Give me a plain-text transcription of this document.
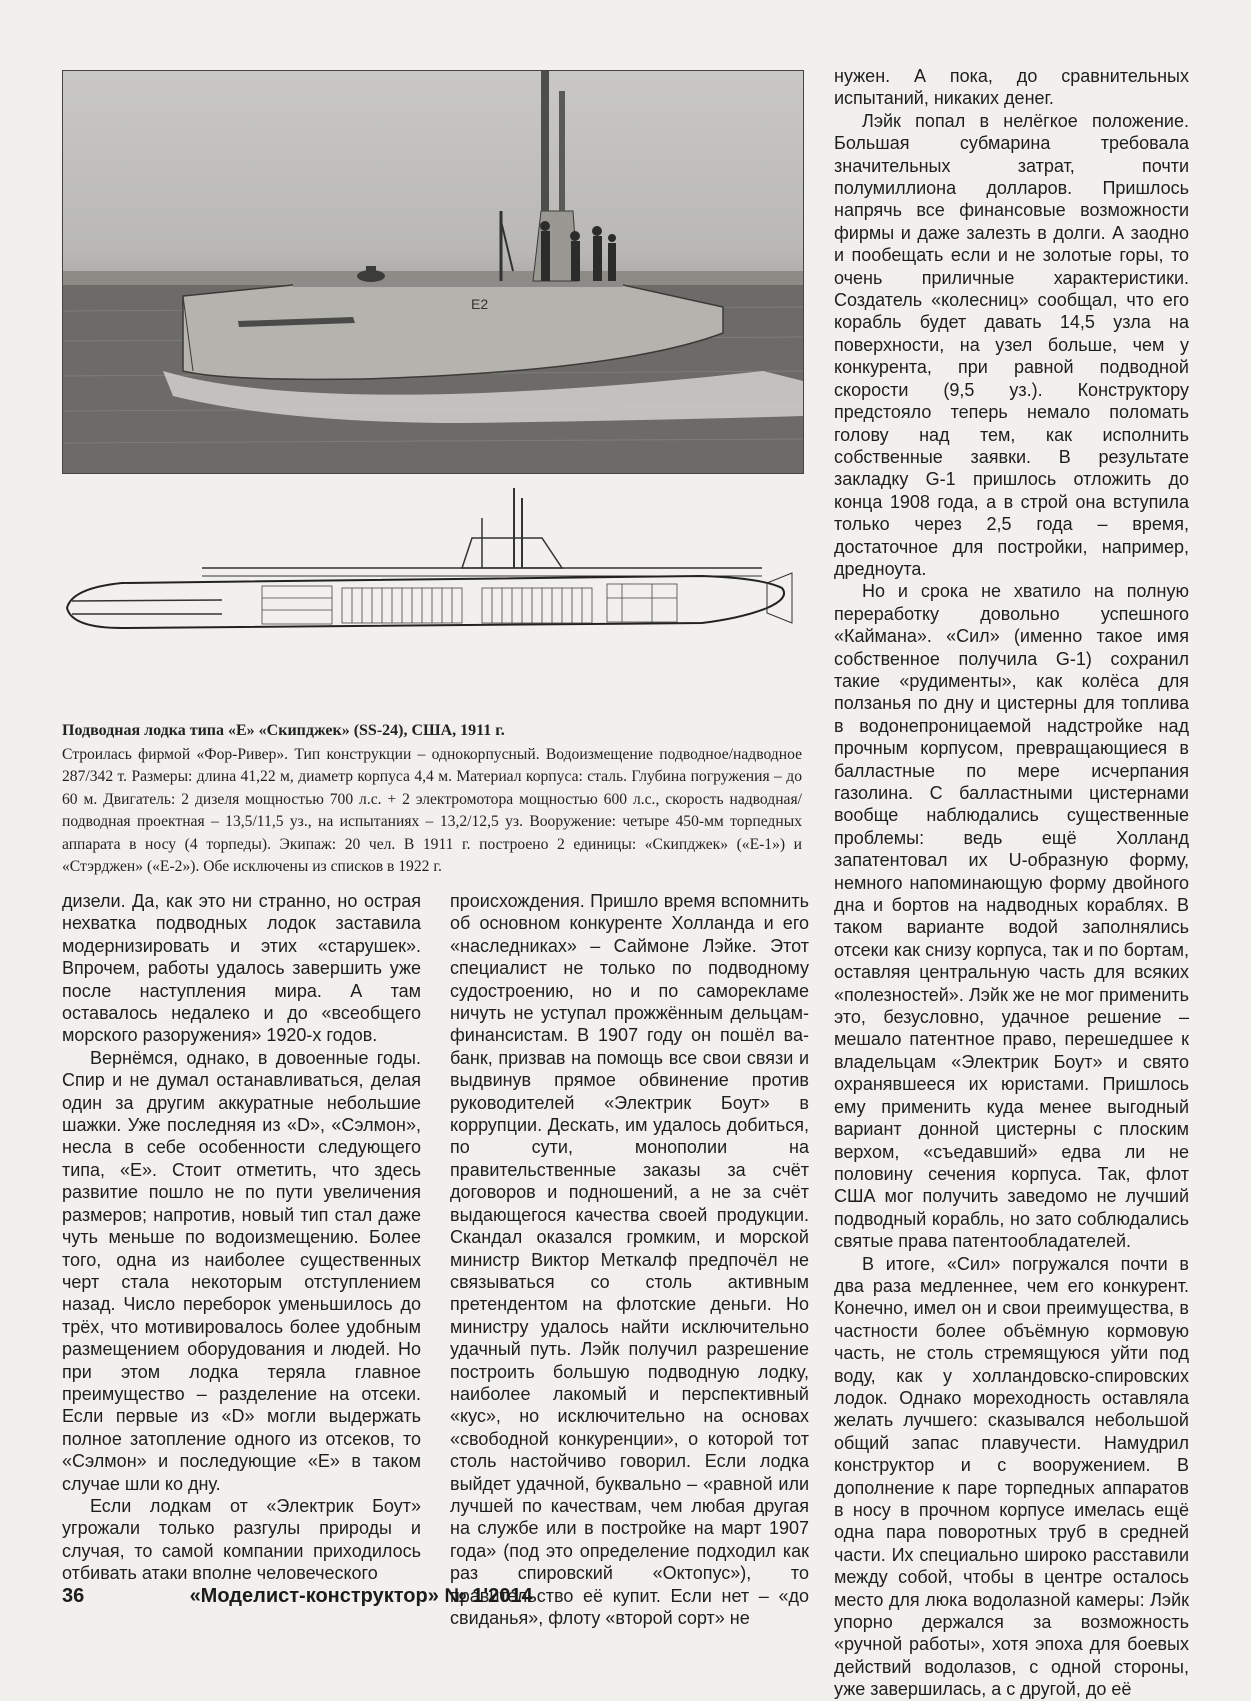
E2
Подводная лодка типа «Е» «Скипджек» (SS-24), США, 1911 г.
Строилась фирмой «Фор-Ривер». Тип конструкции – однокорпусный. Водоизмещение подводное/надводное 287/342 т. Размеры: длина 41,22 м, диаметр корпуса 4,4 м. Материал корпуса: сталь. Глубина погружения – до 60 м. Двигатель: 2 дизеля мощностью 700 л.с. + 2 электромотора мощностью 600 л.с., скорость надводная/подводная проектная – 13,5/11,5 уз., на испытаниях – 13,2/12,5 уз. Вооружение: четыре 450-мм торпедных аппарата в носу (4 торпеды). Экипаж: 20 чел. В 1911 г. построено 2 единицы: «Скипджек» («Е-1») и «Стэрджен» («Е-2»). Обе исключены из списков в 1922 г.

дизели. Да, как это ни странно, но острая нехватка подводных лодок заставила модернизировать и этих «старушек». Впрочем, работы удалось завершить уже после наступления мира. А там оставалось недалеко и до «всеобщего морского разоружения» 1920-х годов.

Вернёмся, однако, в довоенные годы. Спир и не думал останавливаться, делая один за другим аккуратные небольшие шажки. Уже последняя из «D», «Сэлмон», несла в себе особенности следующего типа, «Е». Стоит отметить, что здесь развитие пошло не по пути увеличения размеров; напротив, новый тип стал даже чуть меньше по водоизмещению. Более того, одна из наиболее существенных черт стала некоторым отступлением назад. Число переборок уменьшилось до трёх, что мотивировалось более удобным размещением оборудования и людей. Но при этом лодка теряла главное преимущество – разделение на отсеки. Если первые из «D» могли выдержать полное затопление одного из отсеков, то «Сэлмон» и последующие «Е» в таком случае шли ко дну.

Если лодкам от «Электрик Боут» угрожали только разгулы природы и случая, то самой компании приходилось отбивать атаки вполне человеческого

происхождения. Пришло время вспомнить об основном конкуренте Холланда и его «наследниках» – Саймоне Лэйке. Этот специалист не только по подводному судостроению, но и по саморекламе ничуть не уступал прожжённым дельцам-финансистам. В 1907 году он пошёл ва-банк, призвав на помощь все свои связи и выдвинув прямое обвинение против руководителей «Электрик Боут» в коррупции. Дескать, им удалось добиться, по сути, монополии на правительственные заказы за счёт договоров и подношений, а не за счёт выдающегося качества своей продукции. Скандал оказался громким, и морской министр Виктор Меткалф предпочёл не связываться со столь активным претендентом на флотские деньги. Но министру удалось найти исключительно удачный путь. Лэйк получил разрешение построить большую подводную лодку, наиболее лакомый и перспективный «кус», но исключительно на основах «свободной конкуренции», о которой тот столь настойчиво говорил. Если лодка выйдет удачной, буквально – «равной или лучшей по качествам, чем любая другая на службе или в постройке на март 1907 года» (под это определение подходил как раз спировский «Октопус»), то правительство её купит. Если нет – «до свиданья», флоту «второй сорт» не

нужен. А пока, до сравнительных испытаний, никаких денег.

Лэйк попал в нелёгкое положение. Большая субмарина требовала значительных затрат, почти полумиллиона долларов. Пришлось напрячь все финансовые возможности фирмы и даже залезть в долги. А заодно и пообещать если и не золотые горы, то очень приличные характеристики. Создатель «колесниц» сообщал, что его корабль будет давать 14,5 узла на поверхности, на узел больше, чем у конкурента, при равной подводной скорости (9,5 уз.). Конструктору предстояло теперь немало поломать голову над тем, как исполнить собственные заявки. В результате закладку G-1 пришлось отложить до конца 1908 года, а в строй она вступила только через 2,5 года – время, достаточное для постройки, например, дредноута.

Но и срока не хватило на полную переработку довольно успешного «Каймана». «Сил» (именно такое имя собственное получила G-1) сохранил такие «рудименты», как колёса для ползанья по дну и цистерны для топлива в водонепроницаемой надстройке над прочным корпусом, превращающиеся в балластные по мере исчерпания газолина. С балластными цистернами вообще наблюдались существенные проблемы: ведь ещё Холланд запатентовал их U-образную форму, немного напоминающую форму двойного дна и бортов на надводных кораблях. В таком варианте водой заполнялись отсеки как снизу корпуса, так и по бортам, оставляя центральную часть для всяких «полезностей». Лэйк же не мог применить это, безусловно, удачное решение – мешало патентное право, перешедшее к владельцам «Электрик Боут» и свято охранявшееся их юристами. Пришлось ему применить куда менее выгодный вариант донной цистерны с плоским верхом, «съедавший» едва ли не половину сечения корпуса. Так, флот США мог получить заведомо не лучший подводный корабль, но зато соблюдались святые права патентообладателей.

В итоге, «Сил» погружался почти в два раза медленнее, чем его конкурент. Конечно, имел он и свои преимущества, в частности более объёмную кормовую часть, не столь стремящуюся уйти под воду, как у холландовско-спировских лодок. Однако мореходность оставляла желать лучшего: сказывался небольшой общий запас плавучести. Намудрил конструктор и с вооружением. В дополнение к паре торпедных аппаратов в носу в прочном корпусе имелась ещё одна пара поворотных труб в средней части. Их специально широко расставили между собой, чтобы в центре осталось место для люка водолазной камеры: Лэйк упорно держался за возможность «ручной работы», хотя эпоха для боевых действий водолазов, с одной стороны, уже завершилась, а с другой, до её

36	«Моделист-конструктор» № 1'2014
